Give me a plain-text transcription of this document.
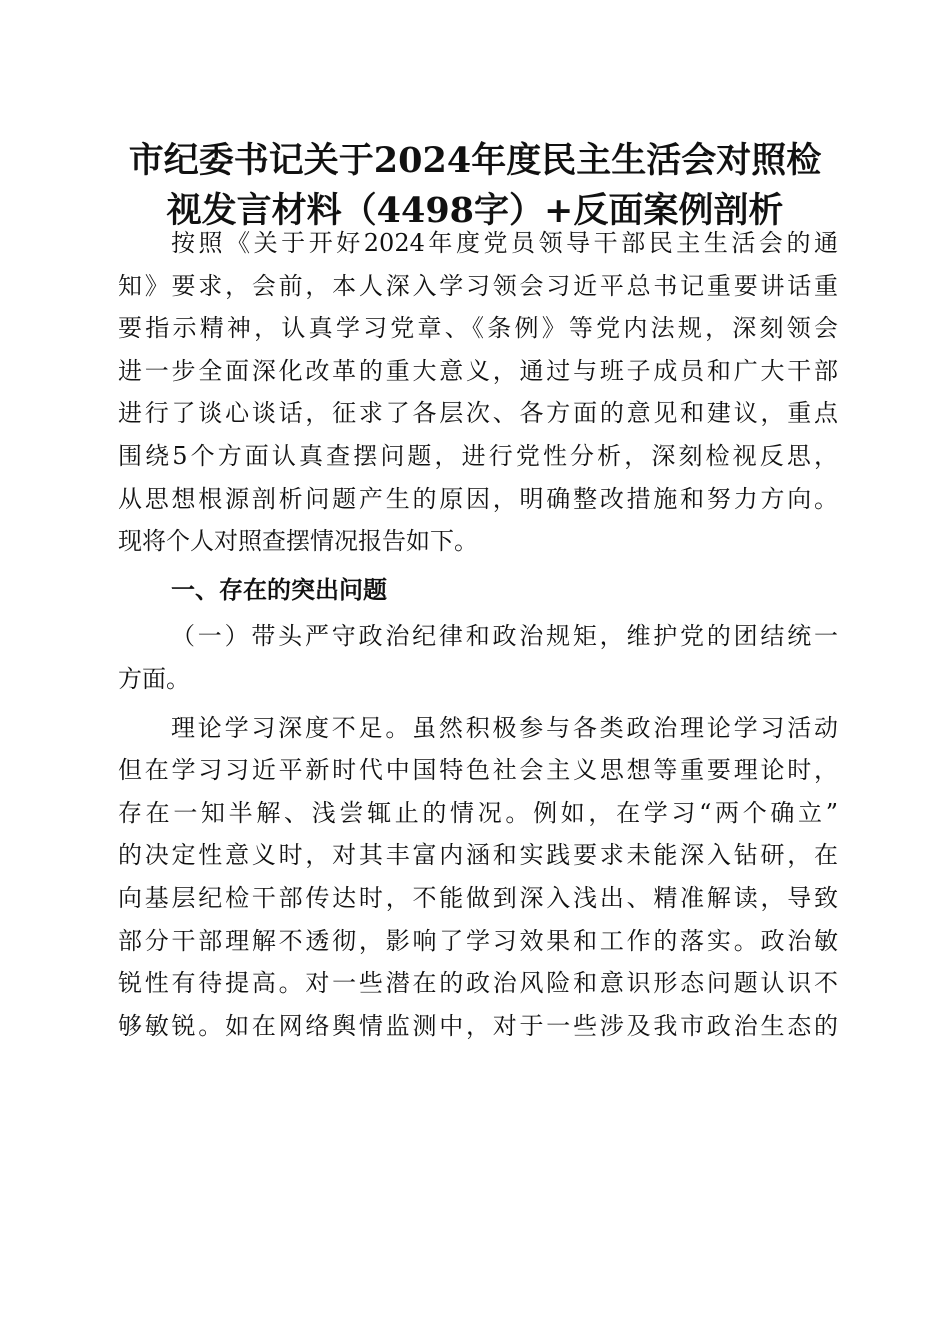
市纪委书记关于2024年度民主生活会对照检
视发言材料（4498字）+反面案例剖析
按照《关于开好2024年度党员领导干部民主生活会的通
知》要求，会前，本人深入学习领会习近平总书记重要讲话重
要指示精神，认真学习党章、《条例》等党内法规，深刻领会
进一步全面深化改革的重大意义，通过与班子成员和广大干部
进行了谈心谈话，征求了各层次、各方面的意见和建议，重点
围绕5个方面认真查摆问题，进行党性分析，深刻检视反思，
从思想根源剖析问题产生的原因，明确整改措施和努力方向。
现将个人对照查摆情况报告如下。
一、存在的突出问题
（一）带头严守政治纪律和政治规矩，维护党的团结统一
方面。
理论学习深度不足。虽然积极参与各类政治理论学习活动
但在学习习近平新时代中国特色社会主义思想等重要理论时，
存在一知半解、浅尝辄止的情况。例如，在学习“两个确立”
的决定性意义时，对其丰富内涵和实践要求未能深入钻研，在
向基层纪检干部传达时，不能做到深入浅出、精准解读，导致
部分干部理解不透彻，影响了学习效果和工作的落实。政治敏
锐性有待提高。对一些潜在的政治风险和意识形态问题认识不
够敏锐。如在网络舆情监测中，对于一些涉及我市政治生态的
